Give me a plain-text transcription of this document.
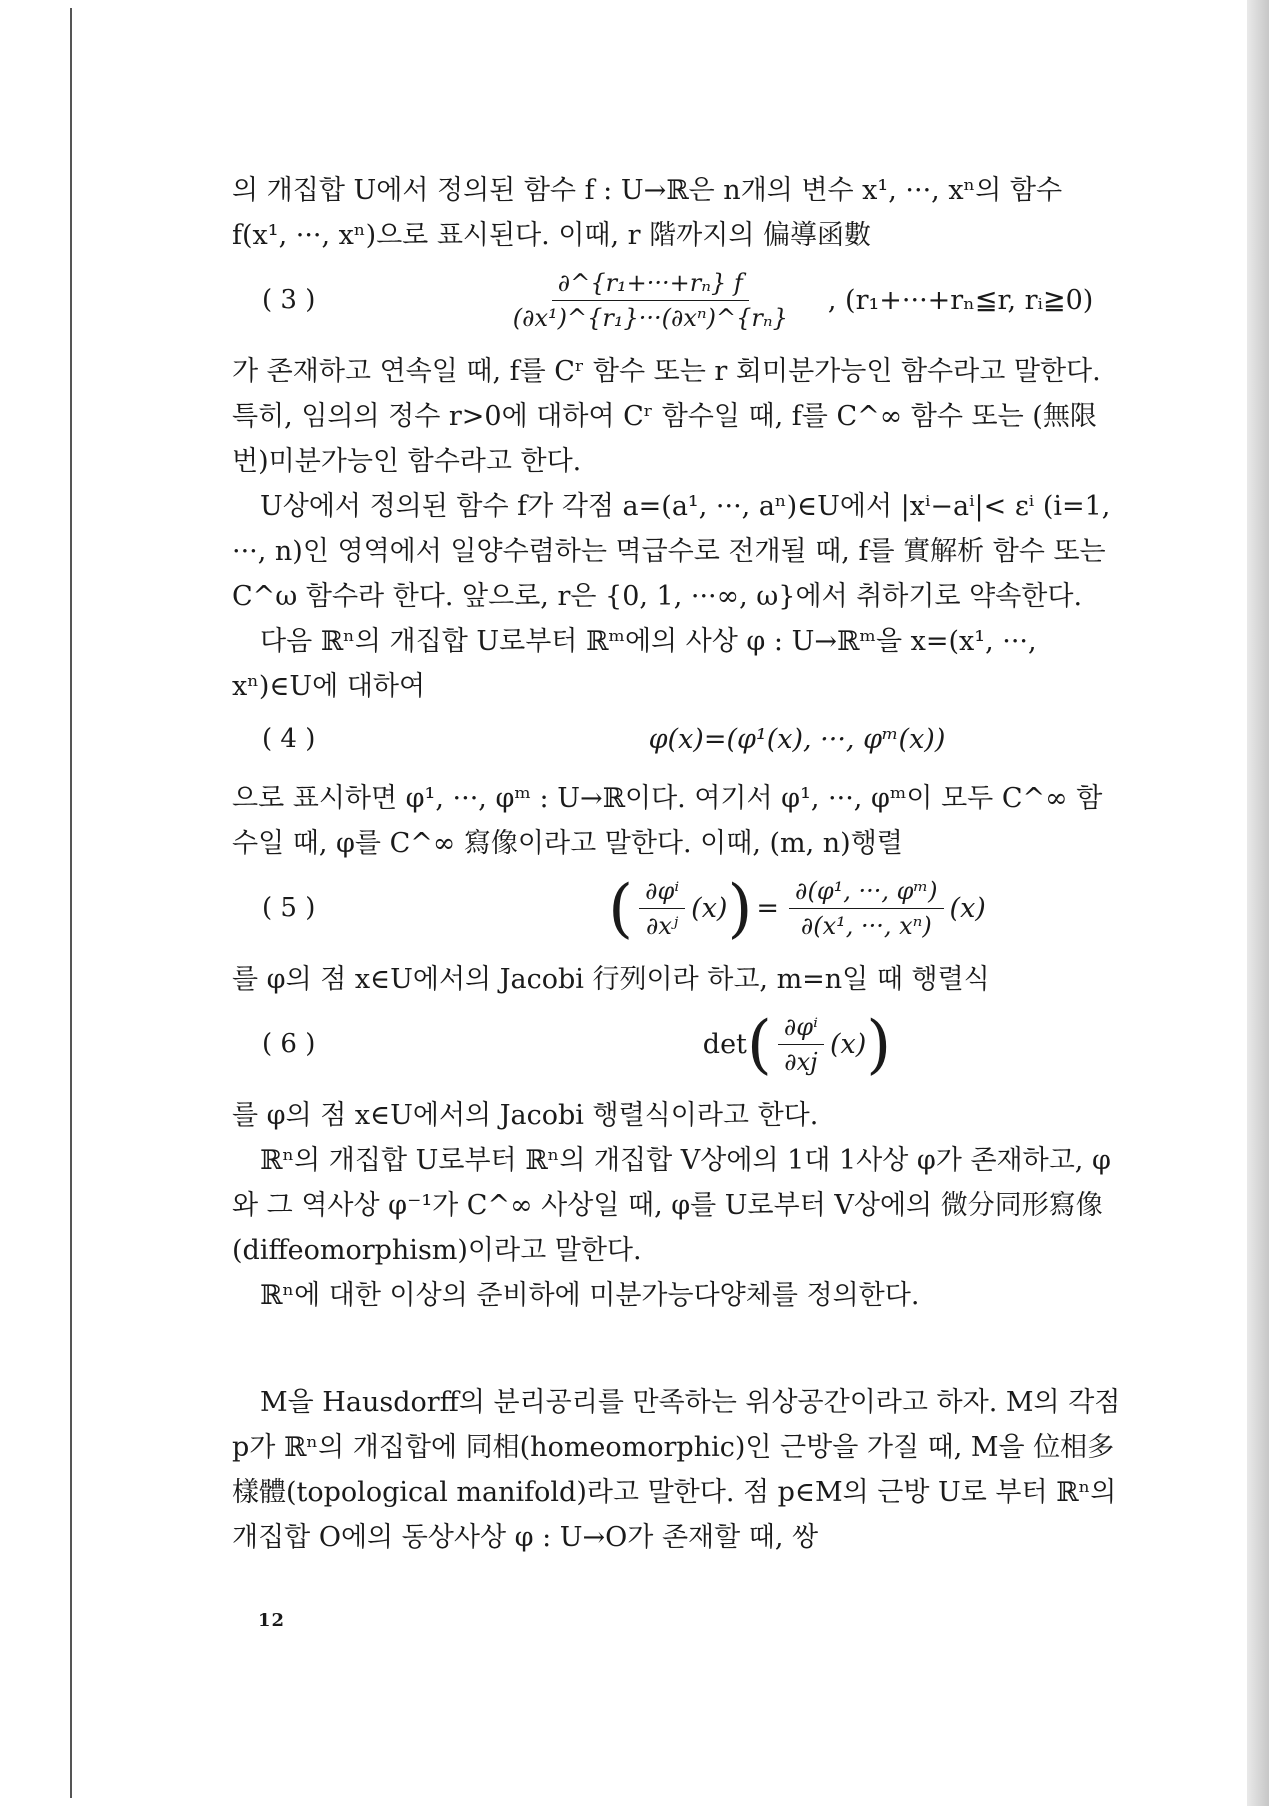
의 개집합 U에서 정의된 함수 f : U→ℝ은 n개의 변수 x¹, ···, xⁿ의 함수 f(x¹, ···, xⁿ)으로 표시된다. 이때, r 階까지의 偏導函數

( 3 )	$\frac{\text{∂\textasciicircum{}\{r₁+···+rₙ\} f}}{\text{(∂x¹)\textasciicircum{}\{r₁\}···(∂xⁿ)\textasciicircum{}\{rₙ\}}}$ , (r₁+···+rₙ≦r, rᵢ≧0)

가 존재하고 연속일 때, f를 Cʳ 함수 또는 r 회미분가능인 함수라고 말한다. 특히, 임의의 정수 r>0에 대하여 Cʳ 함수일 때, f를 C^∞ 함수 또는 (無限번)미분가능인 함수라고 한다.

U상에서 정의된 함수 f가 각점 a=(a¹, ···, aⁿ)∈U에서 |xⁱ−aⁱ|< εⁱ (i=1, ···, n)인 영역에서 일양수렴하는 멱급수로 전개될 때, f를 實解析 함수 또는 C^ω 함수라 한다. 앞으로, r은 {0, 1, ···∞, ω}에서 취하기로 약속한다.

다음 ℝⁿ의 개집합 U로부터 ℝᵐ에의 사상 φ : U→ℝᵐ을 x=(x¹, ···, xⁿ)∈U에 대하여

( 4 )	φ(x)=(φ¹(x), ···, φᵐ(x))

으로 표시하면 φ¹, ···, φᵐ : U→ℝ이다. 여기서 φ¹, ···, φᵐ이 모두 C^∞ 함수일 때, φ를 C^∞ 寫像이라고 말한다. 이때, (m, n)행렬

( 5 )	( $\frac{\text{∂φⁱ}}{\text{∂xʲ}} (x)$ ) = $\frac{\text{∂(φ¹, ···, φᵐ)}}{\text{∂(x¹, ···, xⁿ)}} (x)$

를 φ의 점 x∈U에서의 Jacobi 行列이라 하고, m=n일 때 행렬식

( 6 )	det ( $\frac{\text{∂φⁱ}}{\partial xj} (x)$ )

를 φ의 점 x∈U에서의 Jacobi 행렬식이라고 한다.

ℝⁿ의 개집합 U로부터 ℝⁿ의 개집합 V상에의 1대 1사상 φ가 존재하고, φ와 그 역사상 φ⁻¹가 C^∞ 사상일 때, φ를 U로부터 V상에의 微分同形寫像(diffeomorphism)이라고 말한다.

ℝⁿ에 대한 이상의 준비하에 미분가능다양체를 정의한다.

M을 Hausdorff의 분리공리를 만족하는 위상공간이라고 하자. M의 각점 p가 ℝⁿ의 개집합에 同相(homeomorphic)인 근방을 가질 때, M을 位相多樣體(topological manifold)라고 말한다. 점 p∈M의 근방 U로 부터 ℝⁿ의 개집합 O에의 동상사상 φ : U→O가 존재할 때, 쌍

12
